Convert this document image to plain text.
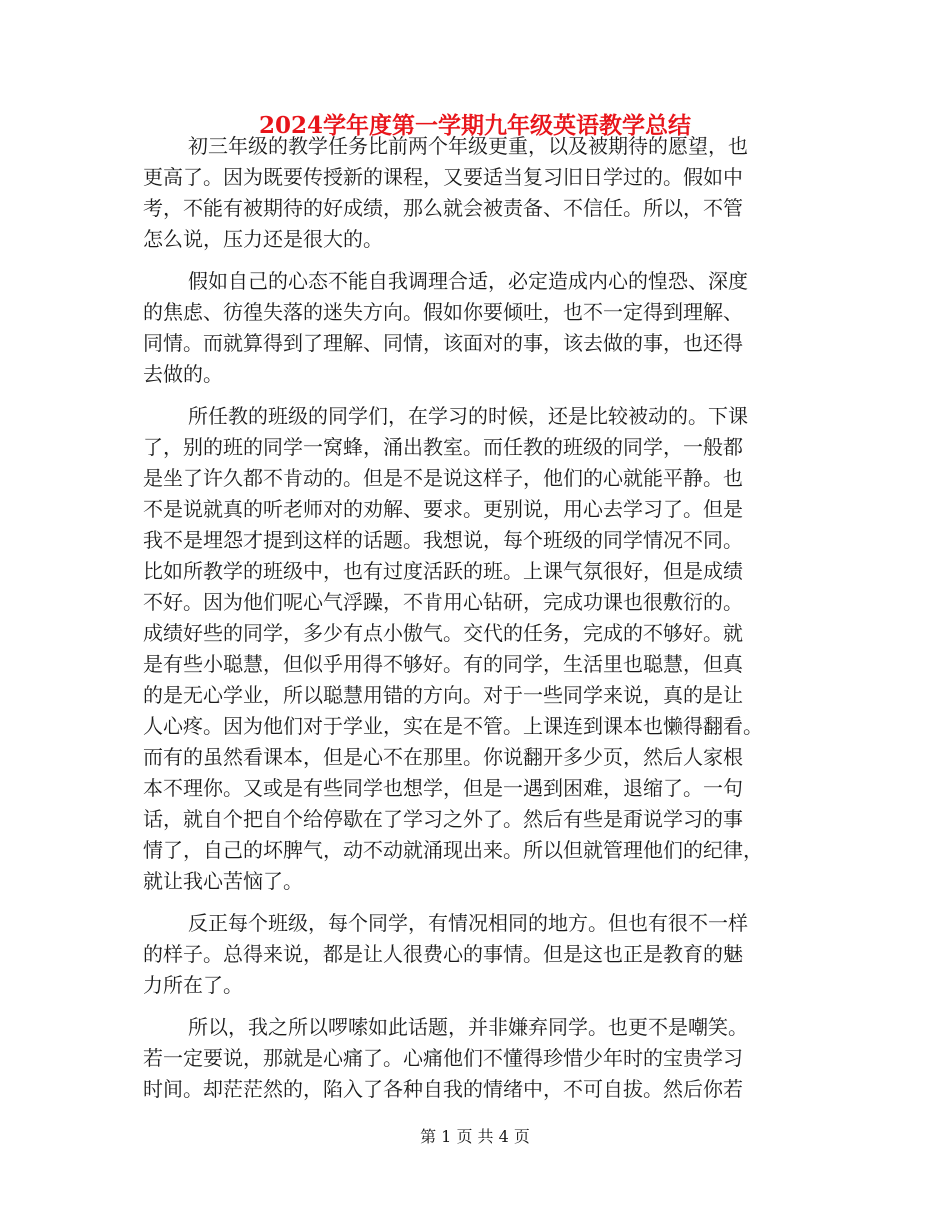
2024学年度第一学期九年级英语教学总结
初三年级的教学任务比前两个年级更重，以及被期待的愿望，也
更高了。因为既要传授新的课程，又要适当复习旧日学过的。假如中
考，不能有被期待的好成绩，那么就会被责备、不信任。所以，不管
怎么说，压力还是很大的。
假如自己的心态不能自我调理合适，必定造成内心的惶恐、深度
的焦虑、彷徨失落的迷失方向。假如你要倾吐，也不一定得到理解、
同情。而就算得到了理解、同情，该面对的事，该去做的事，也还得
去做的。
所任教的班级的同学们，在学习的时候，还是比较被动的。下课
了，别的班的同学一窝蜂，涌出教室。而任教的班级的同学，一般都
是坐了许久都不肯动的。但是不是说这样子，他们的心就能平静。也
不是说就真的听老师对的劝解、要求。更别说，用心去学习了。但是
我不是埋怨才提到这样的话题。我想说，每个班级的同学情况不同。
比如所教学的班级中，也有过度活跃的班。上课气氛很好，但是成绩
不好。因为他们呢心气浮躁，不肯用心钻研，完成功课也很敷衍的。
成绩好些的同学，多少有点小傲气。交代的任务，完成的不够好。就
是有些小聪慧，但似乎用得不够好。有的同学，生活里也聪慧，但真
的是无心学业，所以聪慧用错的方向。对于一些同学来说，真的是让
人心疼。因为他们对于学业，实在是不管。上课连到课本也懒得翻看。
而有的虽然看课本，但是心不在那里。你说翻开多少页，然后人家根
本不理你。又或是有些同学也想学，但是一遇到困难，退缩了。一句
话，就自个把自个给停歇在了学习之外了。然后有些是甭说学习的事
情了，自己的坏脾气，动不动就涌现出来。所以但就管理他们的纪律，
就让我心苦恼了。
反正每个班级，每个同学，有情况相同的地方。但也有很不一样
的样子。总得来说，都是让人很费心的事情。但是这也正是教育的魅
力所在了。
所以，我之所以啰嗦如此话题，并非嫌弃同学。也更不是嘲笑。
若一定要说，那就是心痛了。心痛他们不懂得珍惜少年时的宝贵学习
时间。却茫茫然的，陷入了各种自我的情绪中，不可自拔。然后你若
第 1 页 共 4 页
